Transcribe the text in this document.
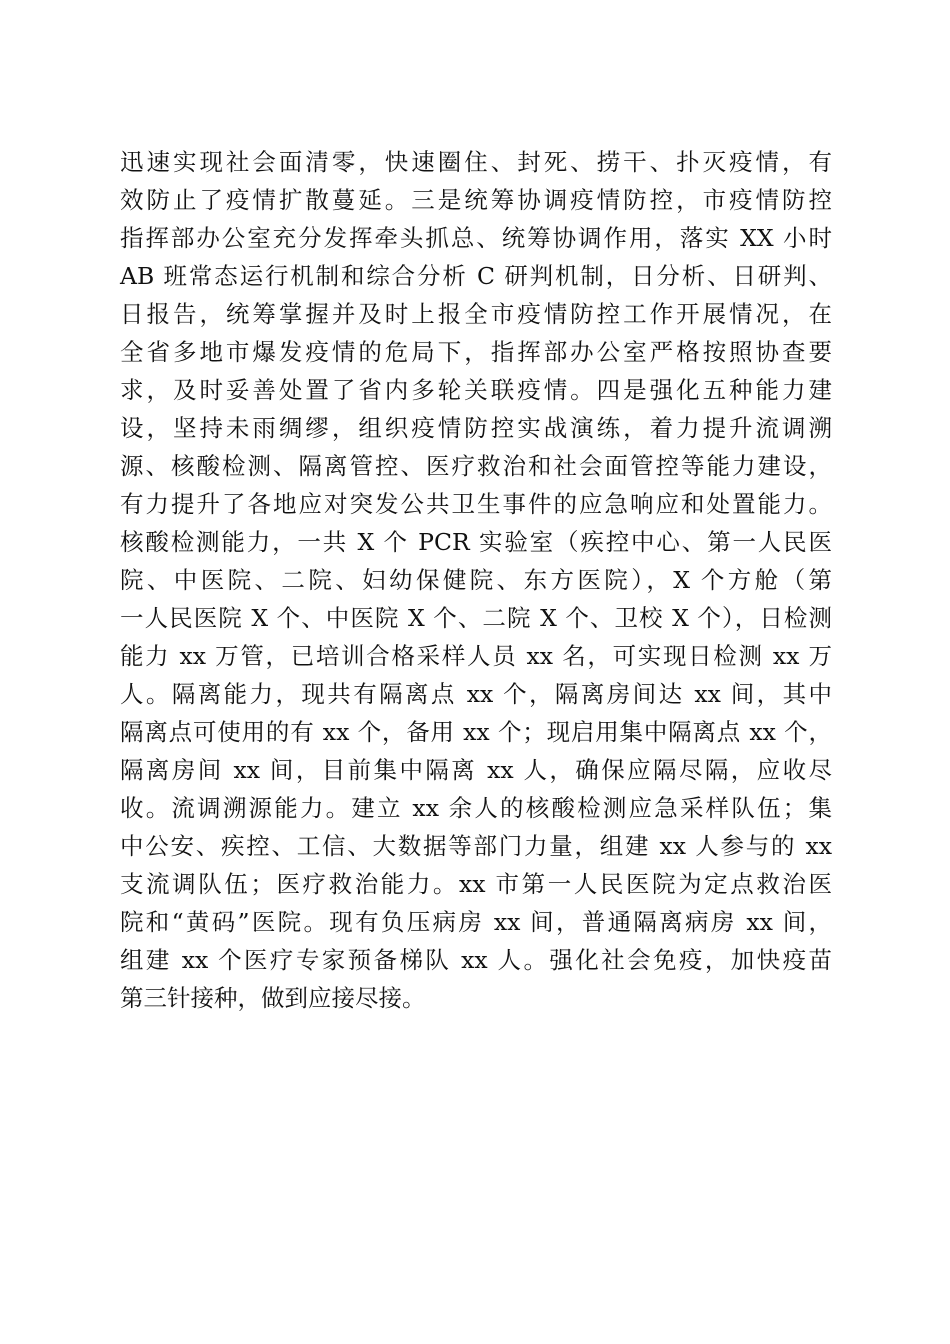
迅速实现社会面清零，快速圈住、封死、捞干、扑灭疫情，有
效防止了疫情扩散蔓延。三是统筹协调疫情防控，市疫情防控
指挥部办公室充分发挥牵头抓总、统筹协调作用，落实 XX 小时
AB 班常态运行机制和综合分析 C 研判机制，日分析、日研判、
日报告，统筹掌握并及时上报全市疫情防控工作开展情况，在
全省多地市爆发疫情的危局下，指挥部办公室严格按照协查要
求，及时妥善处置了省内多轮关联疫情。四是强化五种能力建
设，坚持未雨绸缪，组织疫情防控实战演练，着力提升流调溯
源、核酸检测、隔离管控、医疗救治和社会面管控等能力建设，
有力提升了各地应对突发公共卫生事件的应急响应和处置能力。
核酸检测能力，一共 X 个 PCR 实验室（疾控中心、第一人民医
院、中医院、二院、妇幼保健院、东方医院），X 个方舱（第
一人民医院 X 个、中医院 X 个、二院 X 个、卫校 X 个），日检测
能力 xx 万管，已培训合格采样人员 xx 名，可实现日检测 xx 万
人。隔离能力，现共有隔离点 xx 个，隔离房间达 xx 间，其中
隔离点可使用的有 xx 个，备用 xx 个；现启用集中隔离点 xx 个，
隔离房间 xx 间，目前集中隔离 xx 人，确保应隔尽隔，应收尽
收。流调溯源能力。建立 xx 余人的核酸检测应急采样队伍；集
中公安、疾控、工信、大数据等部门力量，组建 xx 人参与的 xx
支流调队伍；医疗救治能力。xx 市第一人民医院为定点救治医
院和“黄码”医院。现有负压病房 xx 间，普通隔离病房 xx 间，
组建 xx 个医疗专家预备梯队 xx 人。强化社会免疫，加快疫苗
第三针接种，做到应接尽接。
